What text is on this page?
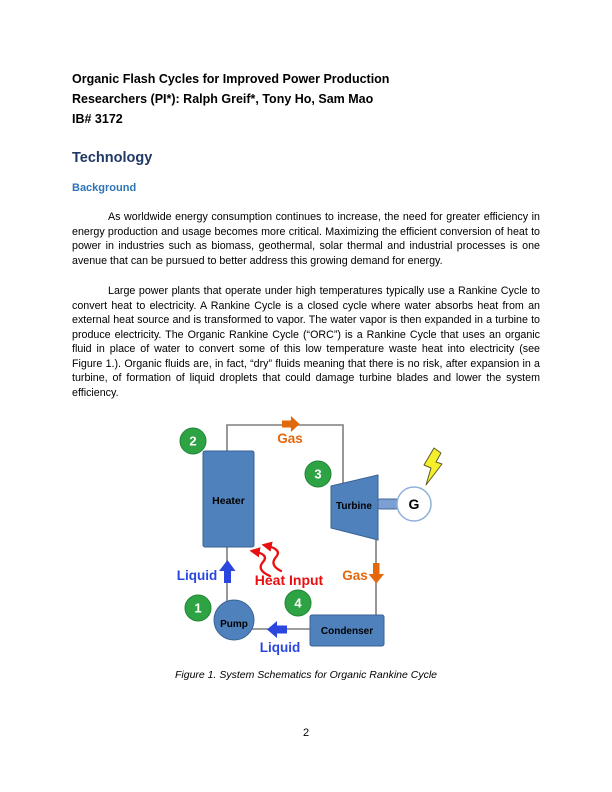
Organic Flash Cycles for Improved Power Production
Researchers (PI*): Ralph Greif*, Tony Ho, Sam Mao
IB# 3172
Technology
Background
As worldwide energy consumption continues to increase, the need for greater efficiency in energy production and usage becomes more critical. Maximizing the efficient conversion of heat to power in industries such as biomass, geothermal, solar thermal and industrial processes is one avenue that can be pursued to better address this growing demand for energy.
Large power plants that operate under high temperatures typically use a Rankine Cycle to convert heat to electricity. A Rankine Cycle is a closed cycle where water absorbs heat from an external heat source and is transformed to vapor. The water vapor is then expanded in a turbine to produce electricity. The Organic Rankine Cycle (“ORC”) is a Rankine Cycle that uses an organic fluid in place of water to convert some of this low temperature waste heat into electricity (see Figure 1.). Organic fluids are, in fact, “dry” fluids meaning that there is no risk, after expansion in a turbine, of formation of liquid droplets that could damage turbine blades and lower the system efficiency.
Heater	Turbine	G
Condenser
Pump
Gas
Gas
Liquid
Liquid
Heat Input
1
2
3
4
Figure 1. System Schematics for Organic Rankine Cycle
2
